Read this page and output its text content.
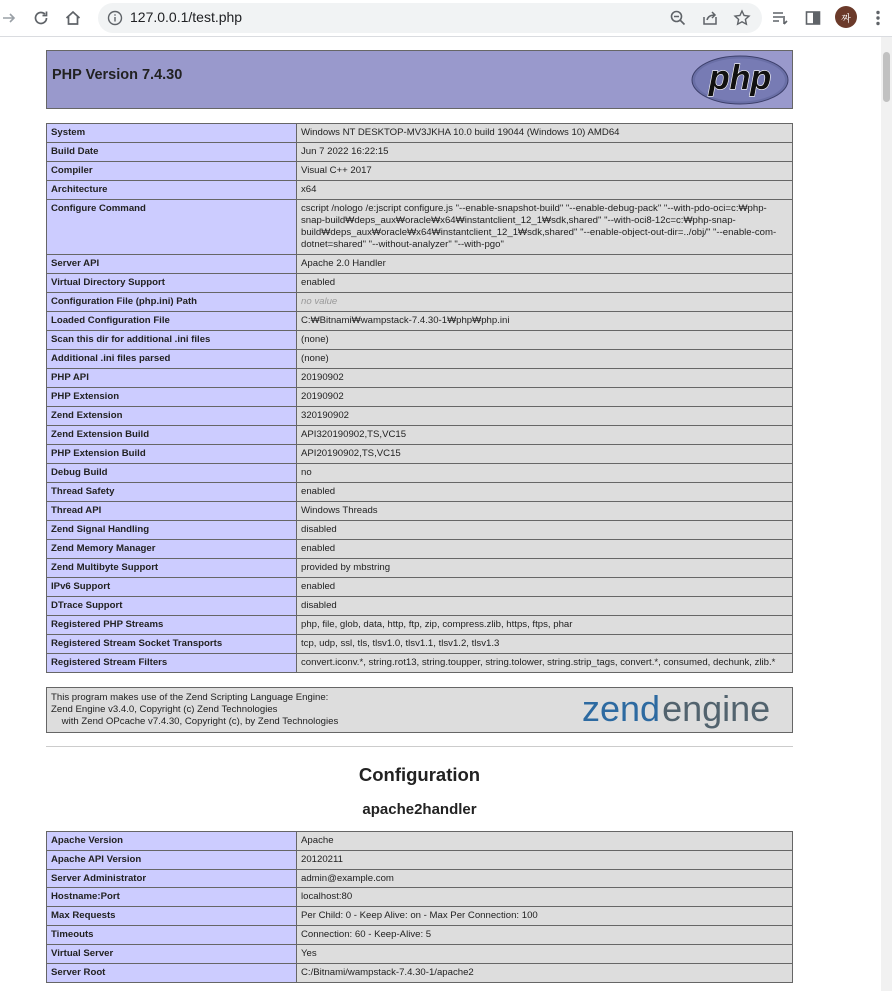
127.0.0.1/test.php	짜
PHP Version 7.4.30	php
System	Windows NT DESKTOP-MV3JKHA 10.0 build 19044 (Windows 10) AMD64
Build Date	Jun 7 2022 16:22:15
Compiler	Visual C++ 2017
Architecture	x64
Configure Command	cscript /nologo /e:jscript configure.js "--enable-snapshot-build" "--enable-debug-pack" "--with-pdo-oci=c:₩php-snap-build₩deps_aux₩oracle₩x64₩instantclient_12_1₩sdk,shared" "--with-oci8-12c=c:₩php-snap-build₩deps_aux₩oracle₩x64₩instantclient_12_1₩sdk,shared" "--enable-object-out-dir=../obj/" "--enable-com-dotnet=shared" "--without-analyzer" "--with-pgo"
Server API	Apache 2.0 Handler
Virtual Directory Support	enabled
Configuration File (php.ini) Path	no value
Loaded Configuration File	C:₩Bitnami₩wampstack-7.4.30-1₩php₩php.ini
Scan this dir for additional .ini files	(none)
Additional .ini files parsed	(none)
PHP API	20190902
PHP Extension	20190902
Zend Extension	320190902
Zend Extension Build	API320190902,TS,VC15
PHP Extension Build	API20190902,TS,VC15
Debug Build	no
Thread Safety	enabled
Thread API	Windows Threads
Zend Signal Handling	disabled
Zend Memory Manager	enabled
Zend Multibyte Support	provided by mbstring
IPv6 Support	enabled
DTrace Support	disabled
Registered PHP Streams	php, file, glob, data, http, ftp, zip, compress.zlib, https, ftps, phar
Registered Stream Socket Transports	tcp, udp, ssl, tls, tlsv1.0, tlsv1.1, tlsv1.2, tlsv1.3
Registered Stream Filters	convert.iconv.*, string.rot13, string.toupper, string.tolower, string.strip_tags, convert.*, consumed, dechunk, zlib.*
This program makes use of the Zend Scripting Language Engine:
Zend Engine v3.4.0, Copyright (c) Zend Technologies
with Zend OPcache v7.4.30, Copyright (c), by Zend Technologies	zendengine
Configuration
apache2handler
Apache Version	Apache
Apache API Version	20120211
Server Administrator	admin@example.com
Hostname:Port	localhost:80
Max Requests	Per Child: 0 - Keep Alive: on - Max Per Connection: 100
Timeouts	Connection: 60 - Keep-Alive: 5
Virtual Server	Yes
Server Root	C:/Bitnami/wampstack-7.4.30-1/apache2
